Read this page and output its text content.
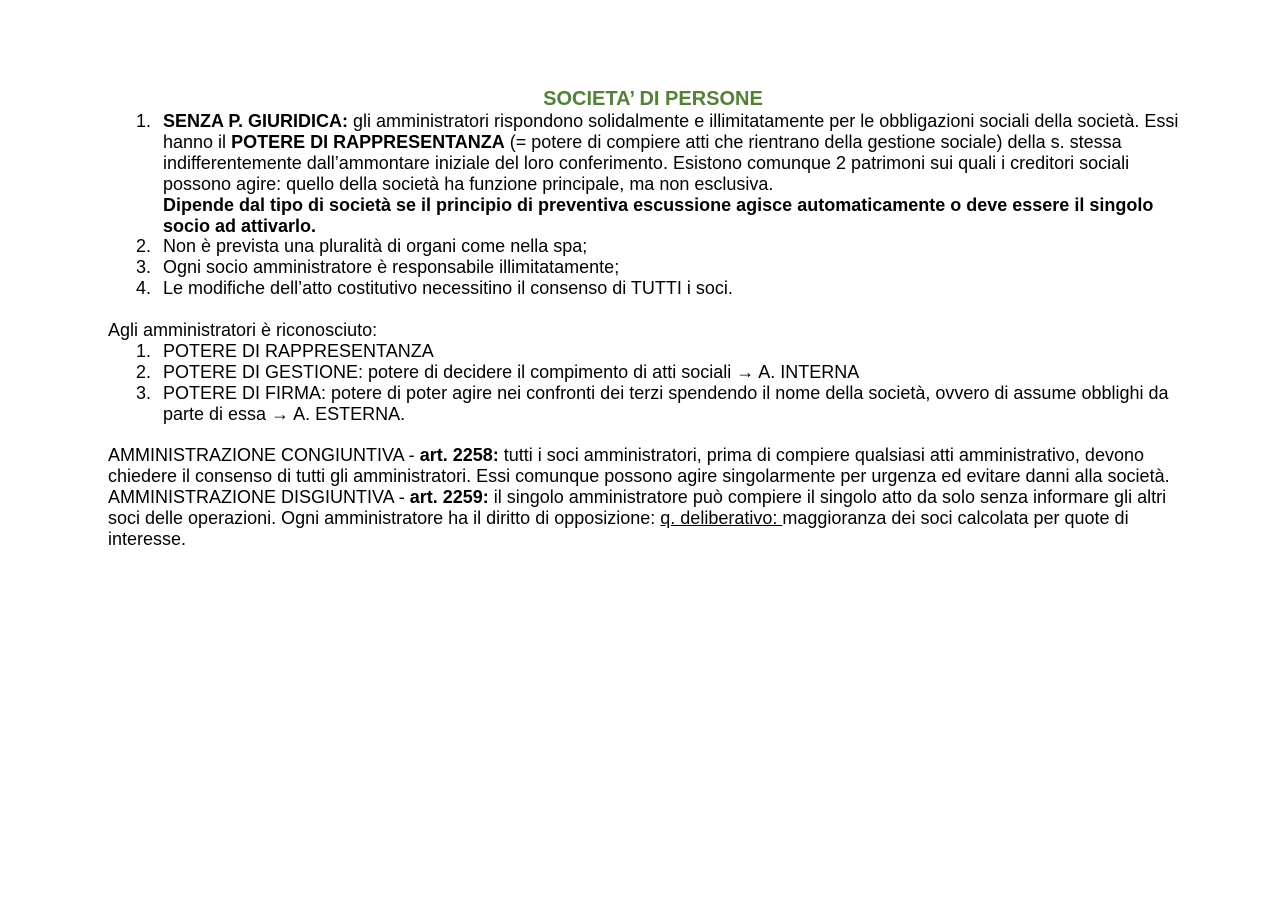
SOCIETA’ DI PERSONE
1. SENZA P. GIURIDICA: gli amministratori rispondono solidalmente e illimitatamente per le obbligazioni sociali della società. Essi hanno il POTERE DI RAPPRESENTANZA (= potere di compiere atti che rientrano della gestione sociale) della s. stessa indifferentemente dall’ammontare iniziale del loro conferimento. Esistono comunque 2 patrimoni sui quali i creditori sociali possono agire: quello della società ha funzione principale, ma non esclusiva.
Dipende dal tipo di società se il principio di preventiva escussione agisce automaticamente o deve essere il singolo socio ad attivarlo.
2. Non è prevista una pluralità di organi come nella spa;
3. Ogni socio amministratore è responsabile illimitatamente;
4. Le modifiche dell’atto costitutivo necessitino il consenso di TUTTI i soci.

Agli amministratori è riconosciuto:

1. POTERE DI RAPPRESENTANZA
2. POTERE DI GESTIONE: potere di decidere il compimento di atti sociali → A. INTERNA
3. POTERE DI FIRMA: potere di poter agire nei confronti dei terzi spendendo il nome della società, ovvero di assume obblighi da parte di essa → A. ESTERNA.

AMMINISTRAZIONE CONGIUNTIVA - art. 2258: tutti i soci amministratori, prima di compiere qualsiasi atti amministrativo, devono chiedere il consenso di tutti gli amministratori. Essi comunque possono agire singolarmente per urgenza ed evitare danni alla società. AMMINISTRAZIONE DISGIUNTIVA - art. 2259: il singolo amministratore può compiere il singolo atto da solo senza informare gli altri soci delle operazioni. Ogni amministratore ha il diritto di opposizione: q. deliberativo: maggioranza dei soci calcolata per quote di interesse.
